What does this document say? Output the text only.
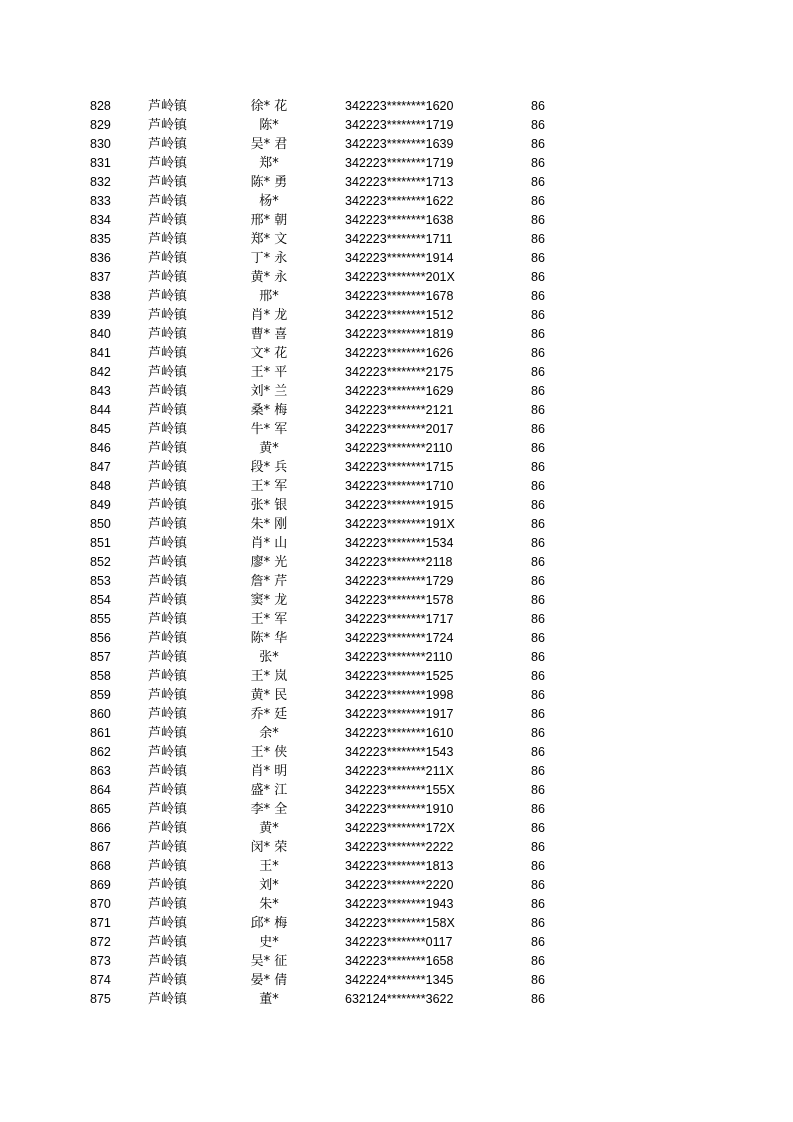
828	芦岭镇	徐* 花	342223********1620	86
829	芦岭镇	陈*	342223********1719	86
830	芦岭镇	吴* 君	342223********1639	86
831	芦岭镇	郑*	342223********1719	86
832	芦岭镇	陈* 勇	342223********1713	86
833	芦岭镇	杨*	342223********1622	86
834	芦岭镇	邢* 朝	342223********1638	86
835	芦岭镇	郑* 文	342223********1711	86
836	芦岭镇	丁* 永	342223********1914	86
837	芦岭镇	黄* 永	342223********201X	86
838	芦岭镇	邢*	342223********1678	86
839	芦岭镇	肖* 龙	342223********1512	86
840	芦岭镇	曹* 喜	342223********1819	86
841	芦岭镇	文* 花	342223********1626	86
842	芦岭镇	王* 平	342223********2175	86
843	芦岭镇	刘* 兰	342223********1629	86
844	芦岭镇	桑* 梅	342223********2121	86
845	芦岭镇	牛* 军	342223********2017	86
846	芦岭镇	黄*	342223********2110	86
847	芦岭镇	段* 兵	342223********1715	86
848	芦岭镇	王* 军	342223********1710	86
849	芦岭镇	张* 银	342223********1915	86
850	芦岭镇	朱* 刚	342223********191X	86
851	芦岭镇	肖* 山	342223********1534	86
852	芦岭镇	廖* 光	342223********2118	86
853	芦岭镇	詹* 芹	342223********1729	86
854	芦岭镇	窦* 龙	342223********1578	86
855	芦岭镇	王* 军	342223********1717	86
856	芦岭镇	陈* 华	342223********1724	86
857	芦岭镇	张*	342223********2110	86
858	芦岭镇	王* 岚	342223********1525	86
859	芦岭镇	黄* 民	342223********1998	86
860	芦岭镇	乔* 廷	342223********1917	86
861	芦岭镇	余*	342223********1610	86
862	芦岭镇	王* 侠	342223********1543	86
863	芦岭镇	肖* 明	342223********211X	86
864	芦岭镇	盛* 江	342223********155X	86
865	芦岭镇	李* 全	342223********1910	86
866	芦岭镇	黄*	342223********172X	86
867	芦岭镇	闵* 荣	342223********2222	86
868	芦岭镇	王*	342223********1813	86
869	芦岭镇	刘*	342223********2220	86
870	芦岭镇	朱*	342223********1943	86
871	芦岭镇	邱* 梅	342223********158X	86
872	芦岭镇	史*	342223********0117	86
873	芦岭镇	吴* 征	342223********1658	86
874	芦岭镇	晏* 倩	342224********1345	86
875	芦岭镇	董*	632124********3622	86
